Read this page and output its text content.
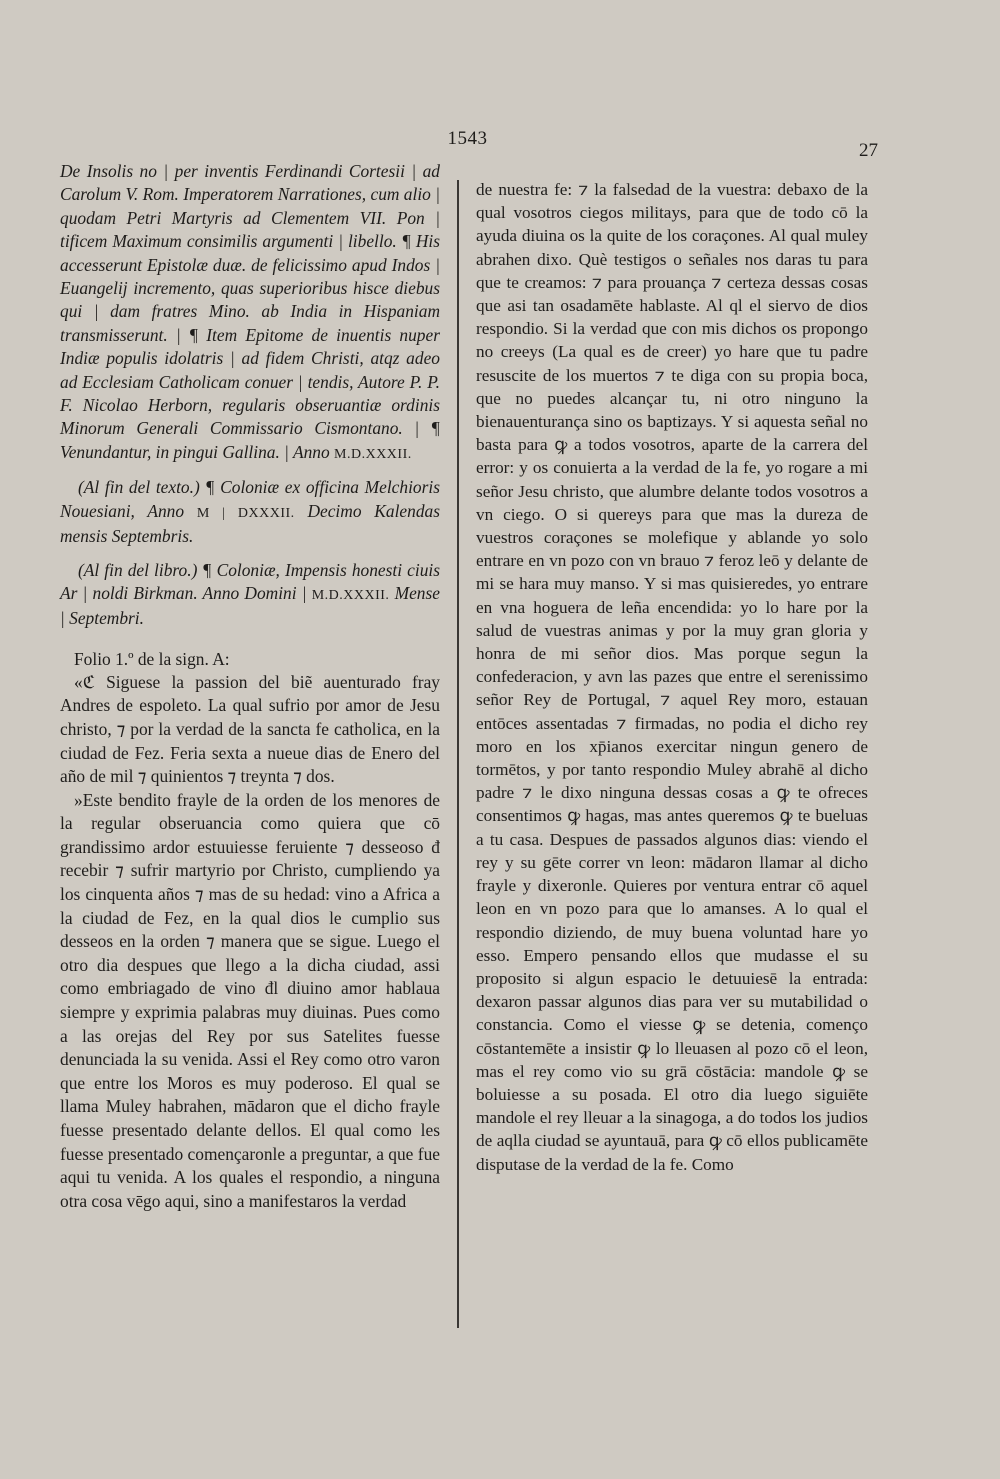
1543
27

De Insolis no | per inventis Ferdinandi Cortesii | ad Carolum V. Rom. Imperatorem Narrationes, cum alio | quodam Petri Martyris ad Clementem VII. Pon | tificem Maximum consimilis argumenti | libello. ¶ His accesserunt Epistolæ duæ. de felicissimo apud Indos | Euangelij incremento, quas superioribus hisce diebus qui | dam fratres Mino. ab India in Hispaniam transmisserunt. | ¶ Item Epitome de inuentis nuper Indiæ populis idolatris | ad fidem Christi, atqz adeo ad Ecclesiam Catholicam conuer | tendis, Autore P. P. F. Nicolao Herborn, regularis obseruantiæ ordinis Minorum Generali Commissario Cismontano. | ¶ Venundantur, in pingui Gallina. | Anno M.D.XXXII.

(Al fin del texto.) ¶ Coloniæ ex officina Melchioris Nouesiani, Anno M | DXXXII. Decimo Kalendas mensis Septembris.

(Al fin del libro.) ¶ Coloniæ, Impensis honesti ciuis Ar | noldi Birkman. Anno Domini | M.D.XXXII. Mense | Septembri.

Folio 1.º de la sign. A:

«ℭ Siguese la passion del biẽ auenturado fray Andres de espoleto. La qual sufrio por amor de Jesu christo, ⁊ por la verdad de la sancta fe catholica, en la ciudad de Fez. Feria sexta a nueue dias de Enero del año de mil ⁊ quinientos ⁊ treynta ⁊ dos.

»Este bendito frayle de la orden de los menores de la regular obseruancia como quiera que cō grandissimo ardor estuuiesse feruiente ⁊ desseoso đ recebir ⁊ sufrir martyrio por Christo, cumpliendo ya los cinquenta años ⁊ mas de su hedad: vino a Africa a la ciudad de Fez, en la qual dios le cumplio sus desseos en la orden ⁊ manera que se sigue. Luego el otro dia despues que llego a la dicha ciudad, assi como embriagado de vino đl diuino amor hablaua siempre y exprimia palabras muy diuinas. Pues como a las orejas del Rey por sus Satelites fuesse denunciada la su venida. Assi el Rey como otro varon que entre los Moros es muy poderoso. El qual se llama Muley habrahen, mādaron que el dicho frayle fuesse presentado delante dellos. El qual como les fuesse presentado començaronle a preguntar, a que fue aqui tu venida. A los quales el respondio, a ninguna otra cosa vēgo aqui, sino a manifestaros la verdad

de nuestra fe: ⁊ la falsedad de la vuestra: debaxo de la qual vosotros ciegos militays, para que de todo cō la ayuda diuina os la quite de los coraçones. Al qual muley abrahen dixo. Què testigos o señales nos daras tu para que te creamos: ⁊ para prouança ⁊ certeza dessas cosas que asi tan osadamēte hablaste. Al ql el siervo de dios respondio. Si la verdad que con mis dichos os propongo no creeys (La qual es de creer) yo hare que tu padre resuscite de los muertos ⁊ te diga con su propia boca, que no puedes alcançar tu, ni otro ninguno la bienauenturança sino os baptizays. Y si aquesta señal no basta para ꝙ a todos vosotros, aparte de la carrera del error: y os conuierta a la verdad de la fe, yo rogare a mi señor Jesu christo, que alumbre delante todos vosotros a vn ciego. O si quereys para que mas la dureza de vuestros coraçones se molefique y ablande yo solo entrare en vn pozo con vn brauo ⁊ feroz leō y delante de mi se hara muy manso. Y si mas quisieredes, yo entrare en vna hoguera de leña encendida: yo lo hare por la salud de vuestras animas y por la muy gran gloria y honra de mi señor dios. Mas porque segun la confederacion, y avn las pazes que entre el serenissimo señor Rey de Portugal, ⁊ aquel Rey moro, estauan entōces assentadas ⁊ firmadas, no podia el dicho rey moro en los xp̄ianos exercitar ningun genero de tormētos, y por tanto respondio Muley abrahē al dicho padre ⁊ le dixo ninguna dessas cosas a ꝙ te ofreces consentimos ꝙ hagas, mas antes queremos ꝙ te bueluas a tu casa. Despues de passados algunos dias: viendo el rey y su gēte correr vn leon: mādaron llamar al dicho frayle y dixeronle. Quieres por ventura entrar cō aquel leon en vn pozo para que lo amanses. A lo qual el respondio diziendo, de muy buena voluntad hare yo esso. Empero pensando ellos que mudasse el su proposito si algun espacio le detuuiesē la entrada: dexaron passar algunos dias para ver su mutabilidad o constancia. Como el viesse ꝙ se detenia, començo cōstantemēte a insistir ꝙ lo lleuasen al pozo cō el leon, mas el rey como vio su grā cōstācia: mandole ꝙ se boluiesse a su posada. El otro dia luego siguiēte mandole el rey lleuar a la sinagoga, a do todos los judios de aqlla ciudad se ayuntauā, para ꝙ cō ellos publicamēte disputase de la verdad de la fe. Como
